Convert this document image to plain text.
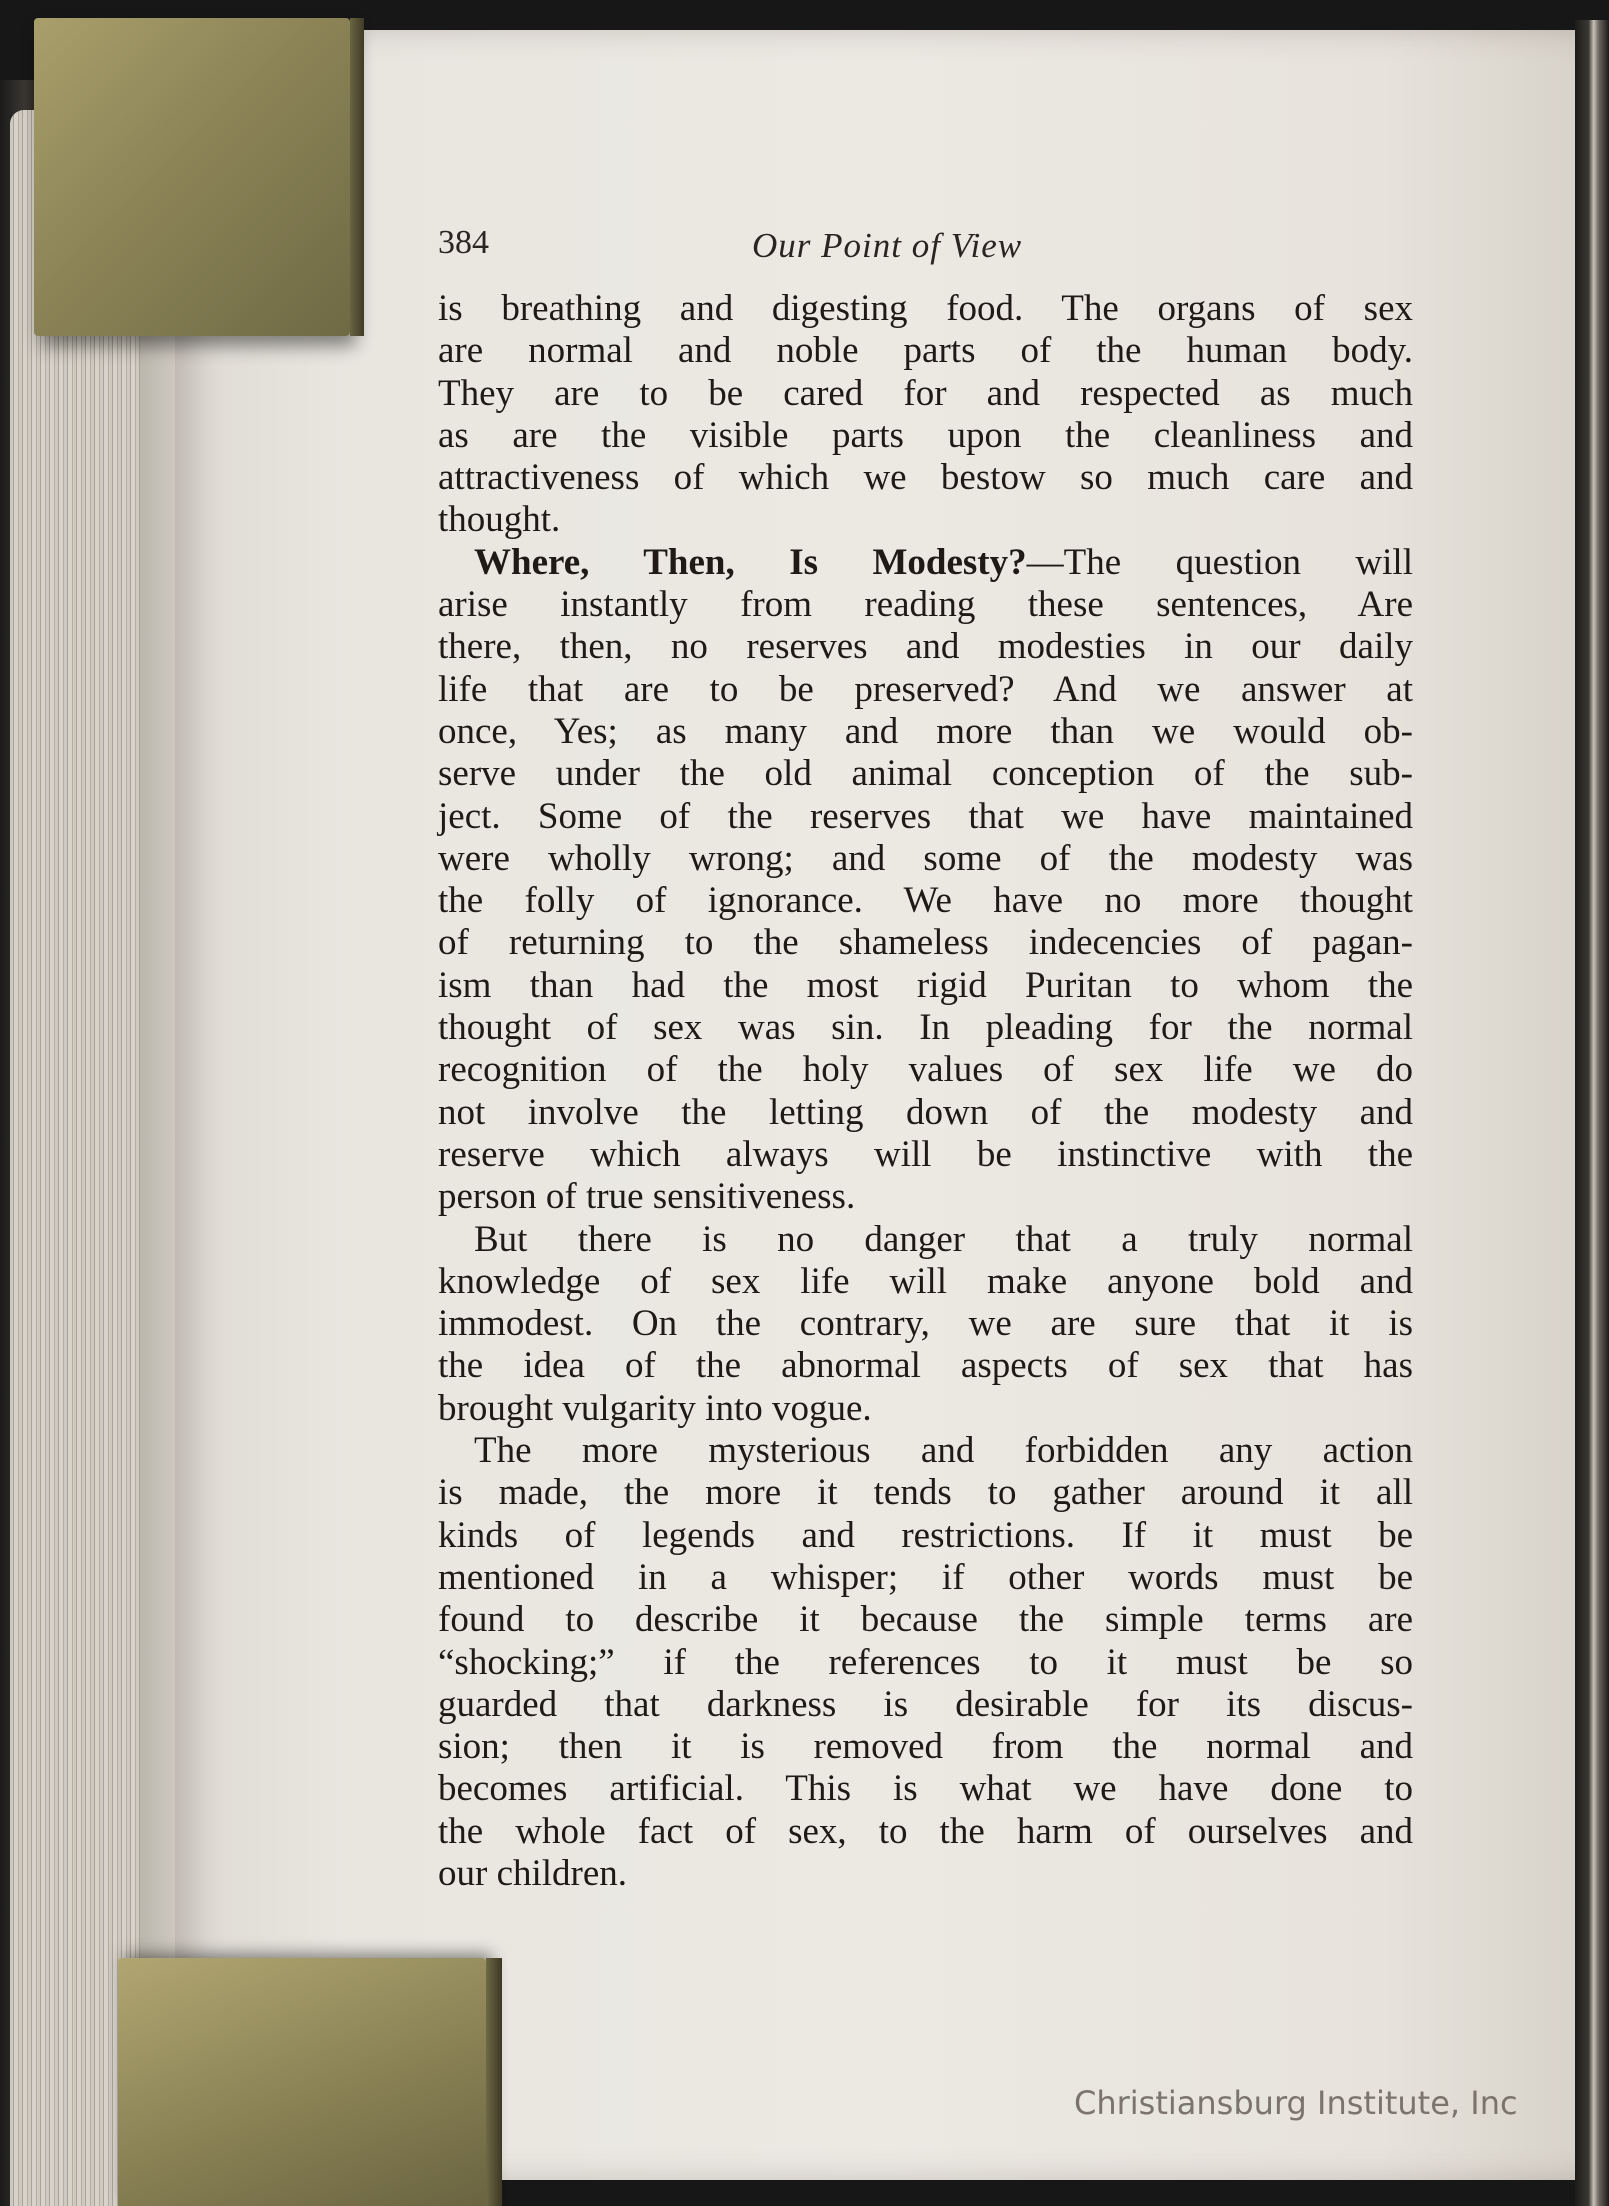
384	Our Point of View
is breathing and digesting food. The organs of sex
are normal and noble parts of the human body.
They are to be cared for and respected as much
as are the visible parts upon the cleanliness and
attractiveness of which we bestow so much care and
thought.
Where, Then, Is Modesty?—The question will
arise instantly from reading these sentences, Are
there, then, no reserves and modesties in our daily
life that are to be preserved? And we answer at
once, Yes; as many and more than we would ob-
serve under the old animal conception of the sub-
ject. Some of the reserves that we have maintained
were wholly wrong; and some of the modesty was
the folly of ignorance. We have no more thought
of returning to the shameless indecencies of pagan-
ism than had the most rigid Puritan to whom the
thought of sex was sin. In pleading for the normal
recognition of the holy values of sex life we do
not involve the letting down of the modesty and
reserve which always will be instinctive with the
person of true sensitiveness.
But there is no danger that a truly normal
knowledge of sex life will make anyone bold and
immodest. On the contrary, we are sure that it is
the idea of the abnormal aspects of sex that has
brought vulgarity into vogue.
The more mysterious and forbidden any action
is made, the more it tends to gather around it all
kinds of legends and restrictions. If it must be
mentioned in a whisper; if other words must be
found to describe it because the simple terms are
“shocking;” if the references to it must be so
guarded that darkness is desirable for its discus-
sion; then it is removed from the normal and
becomes artificial. This is what we have done to
the whole fact of sex, to the harm of ourselves and
our children.
Christiansburg Institute, Inc
